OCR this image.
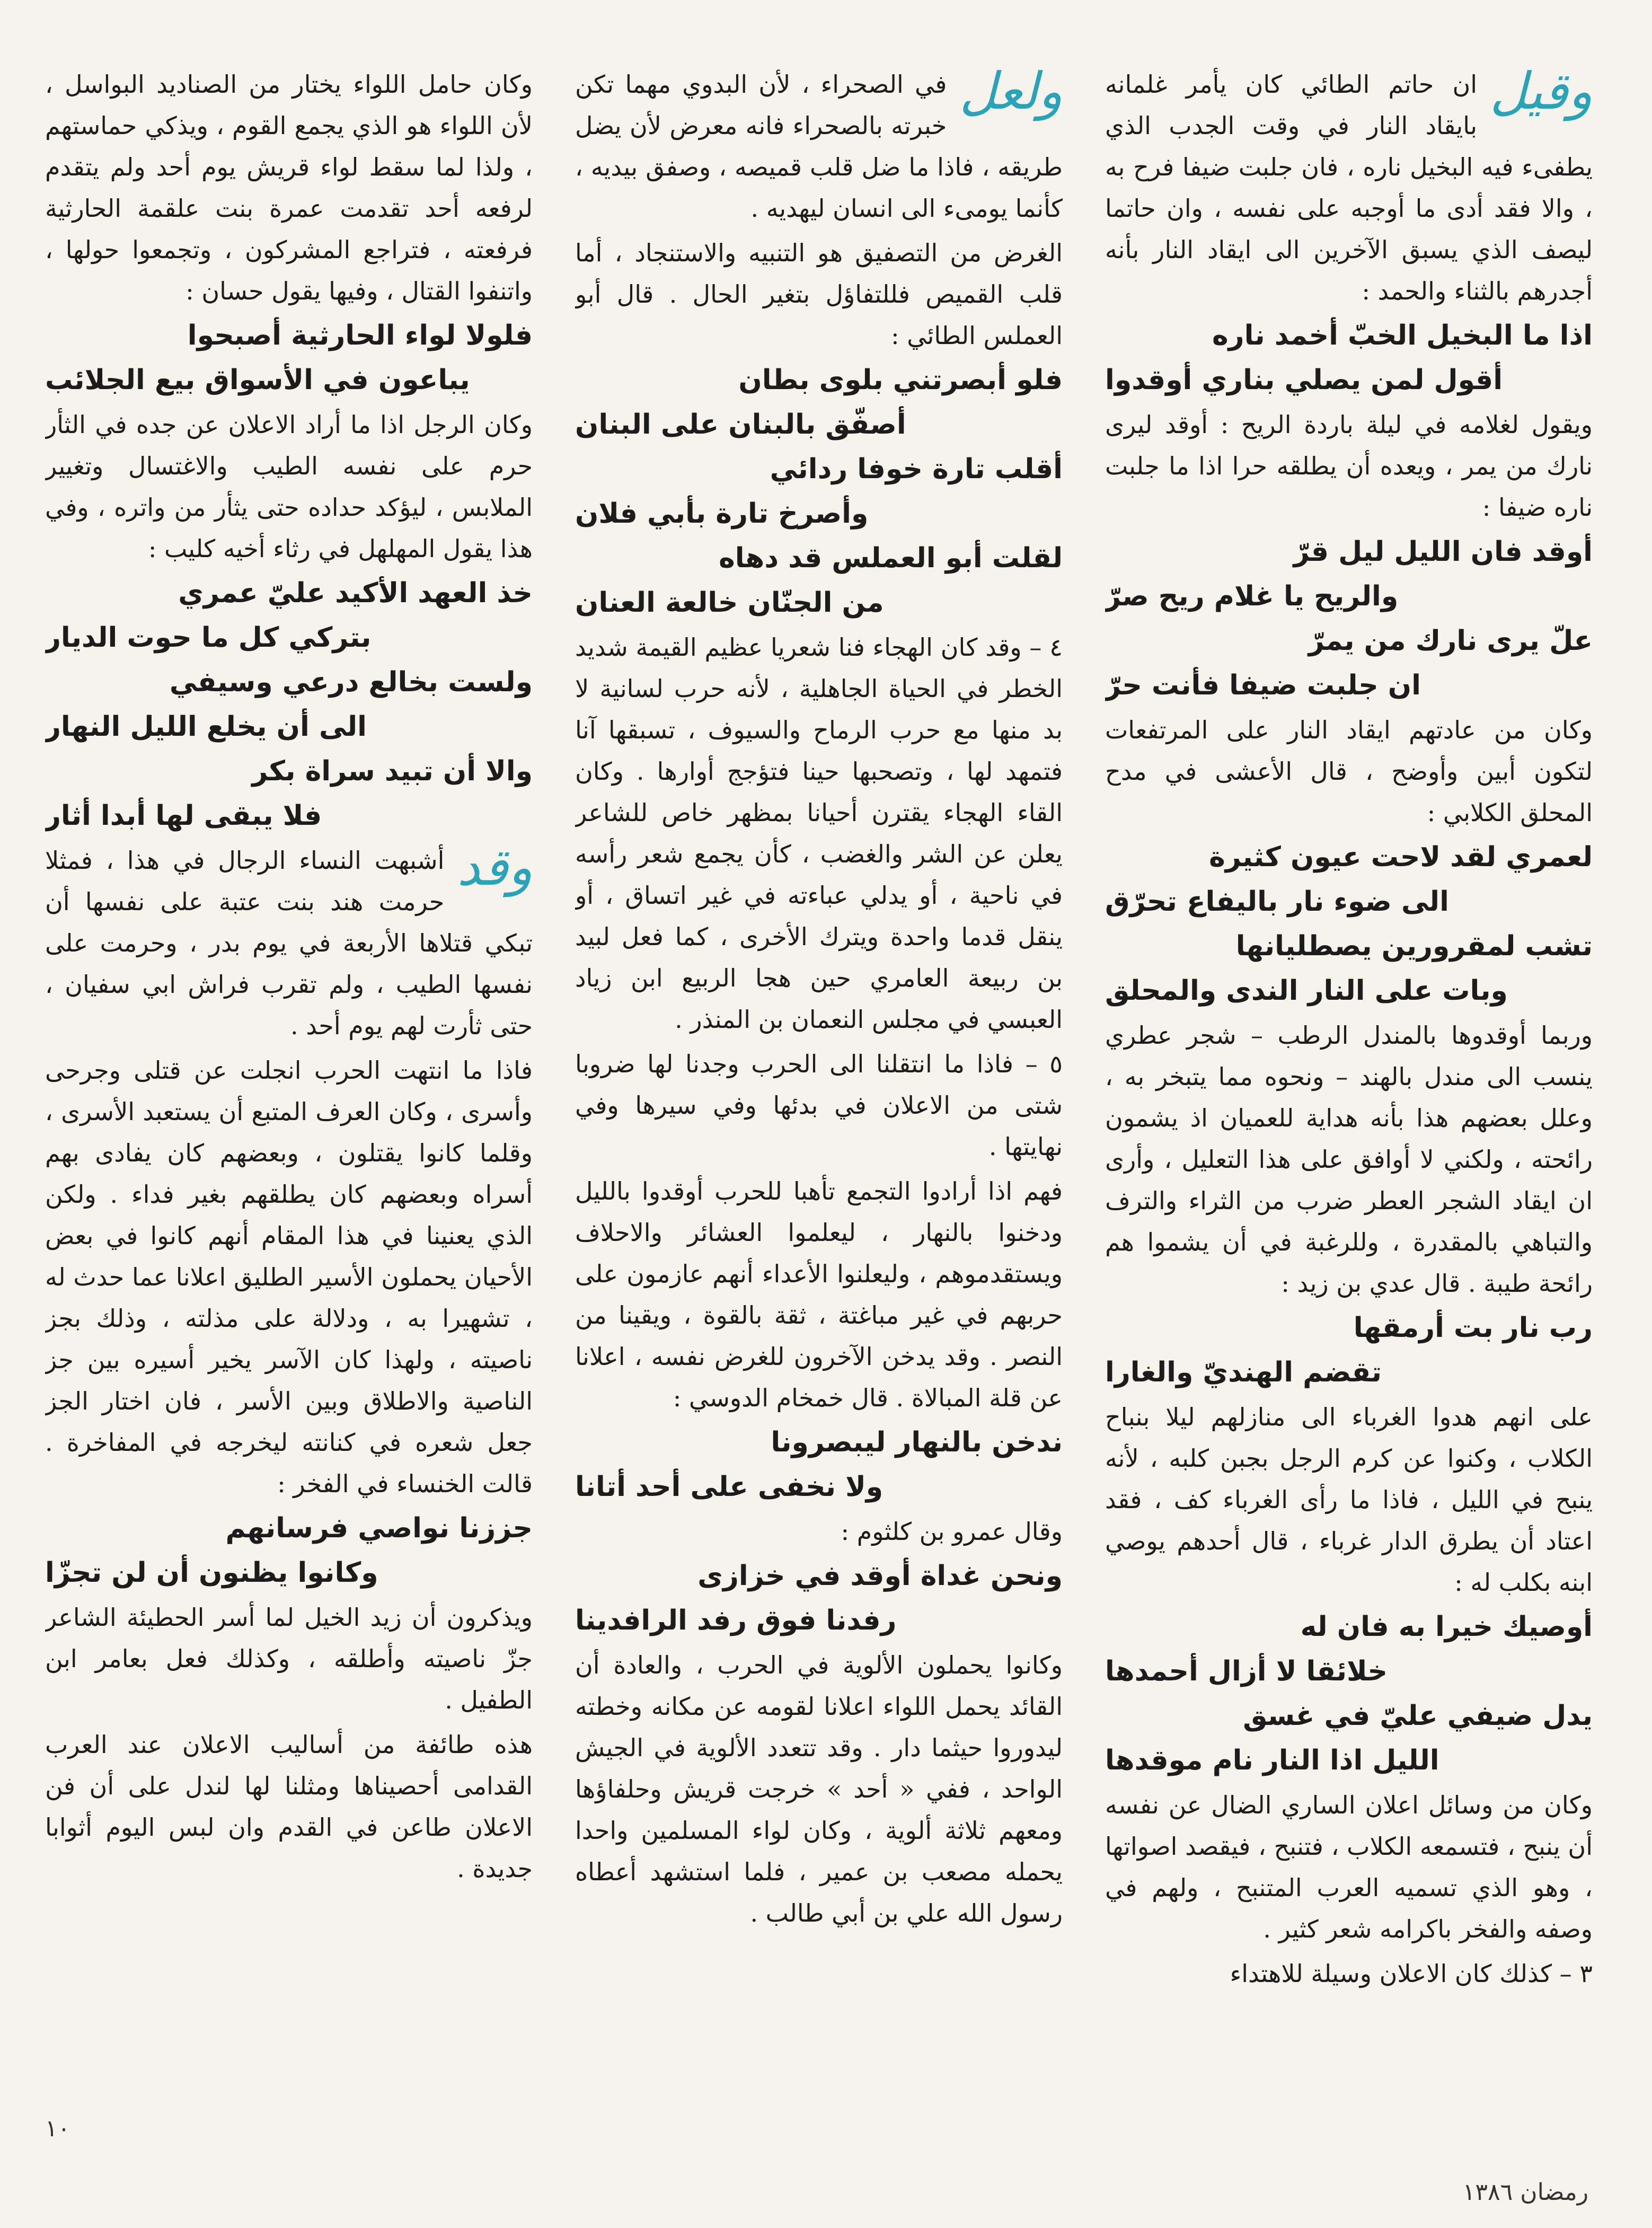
وقيل
ان حاتم الطائي كان يأمر غلمانه بايقاد النار في وقت الجدب الذي يطفىء فيه البخيل ناره ، فان جلبت ضيفا فرح به ، والا فقد أدى ما أوجبه على نفسه ، وان حاتما ليصف الذي يسبق الآخرين الى ايقاد النار بأنه أجدرهم بالثناء والحمد :

اذا ما البخيل الخبّ أخمد ناره

أقول لمن يصلي بناري أوقدوا

ويقول لغلامه في ليلة باردة الريح : أوقد ليرى نارك من يمر ، ويعده أن يطلقه حرا اذا ما جلبت ناره ضيفا :

أوقد فان الليل ليل قرّ

والريح يا غلام ريح صرّ

علّ يرى نارك من يمرّ

ان جلبت ضيفا فأنت حرّ

وكان من عادتهم ايقاد النار على المرتفعات لتكون أبين وأوضح ، قال الأعشى في مدح المحلق الكلابي :

لعمري لقد لاحت عيون كثيرة

الى ضوء نار باليفاع تحرّق

تشب لمقرورين يصطليانها

وبات على النار الندى والمحلق

وربما أوقدوها بالمندل الرطب – شجر عطري ينسب الى مندل بالهند – ونحوه مما يتبخر به ، وعلل بعضهم هذا بأنه هداية للعميان اذ يشمون رائحته ، ولكني لا أوافق على هذا التعليل ، وأرى ان ايقاد الشجر العطر ضرب من الثراء والترف والتباهي بالمقدرة ، وللرغبة في أن يشموا هم رائحة طيبة . قال عدي بن زيد :

رب نار بت أرمقها

تقضم الهنديّ والغارا

على انهم هدوا الغرباء الى منازلهم ليلا بنباح الكلاب ، وكنوا عن كرم الرجل بجبن كلبه ، لأنه ينبح في الليل ، فاذا ما رأى الغرباء كف ، فقد اعتاد أن يطرق الدار غرباء ، قال أحدهم يوصي ابنه بكلب له :

أوصيك خيرا به فان له

خلائقا لا أزال أحمدها

يدل ضيفي عليّ في غسق

الليل اذا النار نام موقدها

وكان من وسائل اعلان الساري الضال عن نفسه أن ينبح ، فتسمعه الكلاب ، فتنبح ، فيقصد اصواتها ، وهو الذي تسميه العرب المتنبح ، ولهم في وصفه والفخر باكرامه شعر كثير .

٣ – كذلك كان الاعلان وسيلة للاهتداء

ولعل
في الصحراء ، لأن البدوي مهما تكن خبرته بالصحراء فانه معرض لأن يضل طريقه ، فاذا ما ضل قلب قميصه ، وصفق بيديه ، كأنما يومىء الى انسان ليهديه .

الغرض من التصفيق هو التنبيه والاستنجاد ، أما قلب القميص فللتفاؤل بتغير الحال . قال أبو العملس الطائي :

فلو أبصرتني بلوى بطان

أصفّق بالبنان على البنان

أقلب تارة خوفا ردائي

وأصرخ تارة بأبي فلان

لقلت أبو العملس قد دهاه

من الجنّان خالعة العنان

٤ – وقد كان الهجاء فنا شعريا عظيم القيمة شديد الخطر في الحياة الجاهلية ، لأنه حرب لسانية لا بد منها مع حرب الرماح والسيوف ، تسبقها آنا فتمهد لها ، وتصحبها حينا فتؤجج أوارها . وكان القاء الهجاء يقترن أحيانا بمظهر خاص للشاعر يعلن عن الشر والغضب ، كأن يجمع شعر رأسه في ناحية ، أو يدلي عباءته في غير اتساق ، أو ينقل قدما واحدة ويترك الأخرى ، كما فعل لبيد بن ربيعة العامري حين هجا الربيع ابن زياد العبسي في مجلس النعمان بن المنذر .

٥ – فاذا ما انتقلنا الى الحرب وجدنا لها ضروبا شتى من الاعلان في بدئها وفي سيرها وفي نهايتها .

فهم اذا أرادوا التجمع تأهبا للحرب أوقدوا بالليل ودخنوا بالنهار ، ليعلموا العشائر والاحلاف ويستقدموهم ، وليعلنوا الأعداء أنهم عازمون على حربهم في غير مباغتة ، ثقة بالقوة ، ويقينا من النصر . وقد يدخن الآخرون للغرض نفسه ، اعلانا عن قلة المبالاة . قال خمخام الدوسي :

ندخن بالنهار ليبصرونا

ولا نخفى على أحد أتانا

وقال عمرو بن كلثوم :

ونحن غداة أوقد في خزازى

رفدنا فوق رفد الرافدينا

وكانوا يحملون الألوية في الحرب ، والعادة أن القائد يحمل اللواء اعلانا لقومه عن مكانه وخطته ليدوروا حيثما دار . وقد تتعدد الألوية في الجيش الواحد ، ففي « أحد » خرجت قريش وحلفاؤها ومعهم ثلاثة ألوية ، وكان لواء المسلمين واحدا يحمله مصعب بن عمير ، فلما استشهد أعطاه رسول الله علي بن أبي طالب .

وكان حامل اللواء يختار من الصناديد البواسل ، لأن اللواء هو الذي يجمع القوم ، ويذكي حماستهم ، ولذا لما سقط لواء قريش يوم أحد ولم يتقدم لرفعه أحد تقدمت عمرة بنت علقمة الحارثية فرفعته ، فتراجع المشركون ، وتجمعوا حولها ، واتنفوا القتال ، وفيها يقول حسان :

فلولا لواء الحارثية أصبحوا

يباعون في الأسواق بيع الجلائب

وكان الرجل اذا ما أراد الاعلان عن جده في الثأر حرم على نفسه الطيب والاغتسال وتغيير الملابس ، ليؤكد حداده حتى يثأر من واتره ، وفي هذا يقول المهلهل في رثاء أخيه كليب :

خذ العهد الأكيد عليّ عمري

بتركي كل ما حوت الديار

ولست بخالع درعي وسيفي

الى أن يخلع الليل النهار

والا أن تبيد سراة بكر

فلا يبقى لها أبدا أثار

وقد
أشبهت النساء الرجال في هذا ، فمثلا حرمت هند بنت عتبة على نفسها أن تبكي قتلاها الأربعة في يوم بدر ، وحرمت على نفسها الطيب ، ولم تقرب فراش ابي سفيان ، حتى ثأرت لهم يوم أحد .

فاذا ما انتهت الحرب انجلت عن قتلى وجرحى وأسرى ، وكان العرف المتبع أن يستعبد الأسرى ، وقلما كانوا يقتلون ، وبعضهم كان يفادى بهم أسراه وبعضهم كان يطلقهم بغير فداء . ولكن الذي يعنينا في هذا المقام أنهم كانوا في بعض الأحيان يحملون الأسير الطليق اعلانا عما حدث له ، تشهيرا به ، ودلالة على مذلته ، وذلك بجز ناصيته ، ولهذا كان الآسر يخير أسيره بين جز الناصية والاطلاق وبين الأسر ، فان اختار الجز جعل شعره في كنانته ليخرجه في المفاخرة . قالت الخنساء في الفخر :

جززنا نواصي فرسانهم

وكانوا يظنون أن لن تجزّا

ويذكرون أن زيد الخيل لما أسر الحطيئة الشاعر جزّ ناصيته وأطلقه ، وكذلك فعل بعامر ابن الطفيل .

هذه طائفة من أساليب الاعلان عند العرب القدامى أحصيناها ومثلنا لها لندل على أن فن الاعلان طاعن في القدم وان لبس اليوم أثوابا جديدة .

١٠
رمضان ١٣٨٦
